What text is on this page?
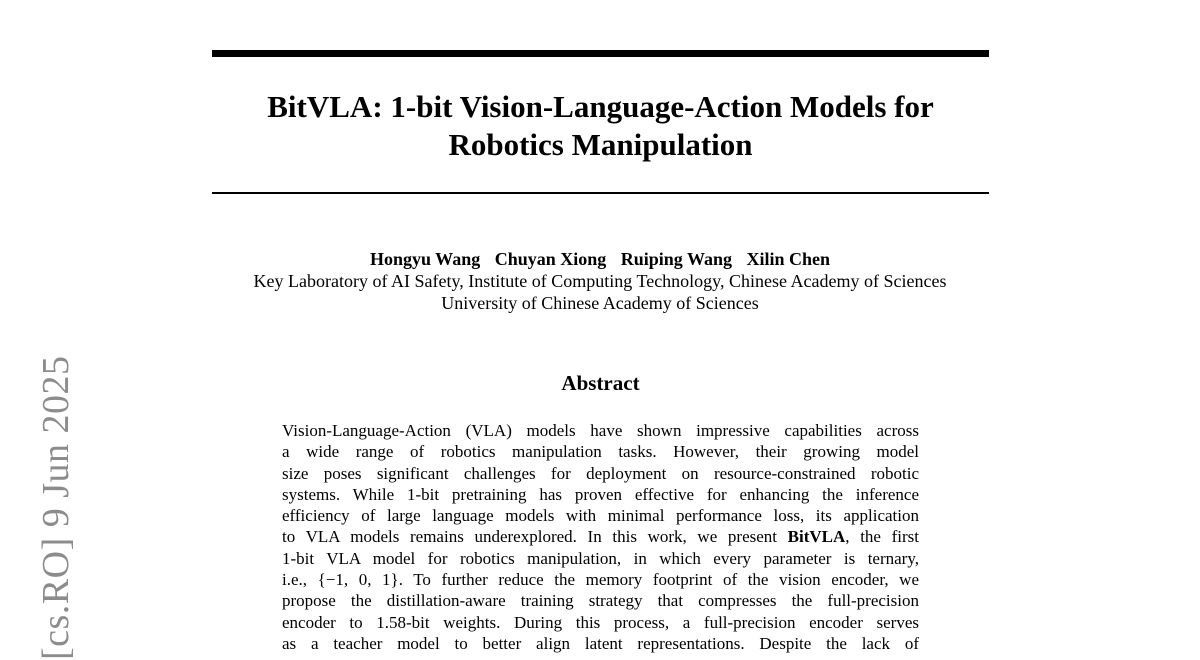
BitVLA: 1-bit Vision-Language-Action Models for
Robotics Manipulation
Hongyu Wang Chuyan Xiong Ruiping Wang Xilin Chen
Key Laboratory of AI Safety, Institute of Computing Technology, Chinese Academy of Sciences
University of Chinese Academy of Sciences
Abstract
Vision-Language-Action (VLA) models have shown impressive capabilities across
a wide range of robotics manipulation tasks. However, their growing model
size poses significant challenges for deployment on resource-constrained robotic
systems. While 1-bit pretraining has proven effective for enhancing the inference
efficiency of large language models with minimal performance loss, its application
to VLA models remains underexplored. In this work, we present BitVLA, the first
1-bit VLA model for robotics manipulation, in which every parameter is ternary,
i.e., {−1, 0, 1}. To further reduce the memory footprint of the vision encoder, we
propose the distillation-aware training strategy that compresses the full-precision
encoder to 1.58-bit weights. During this process, a full-precision encoder serves
as a teacher model to better align latent representations. Despite the lack of
[cs.RO] 9 Jun 2025
